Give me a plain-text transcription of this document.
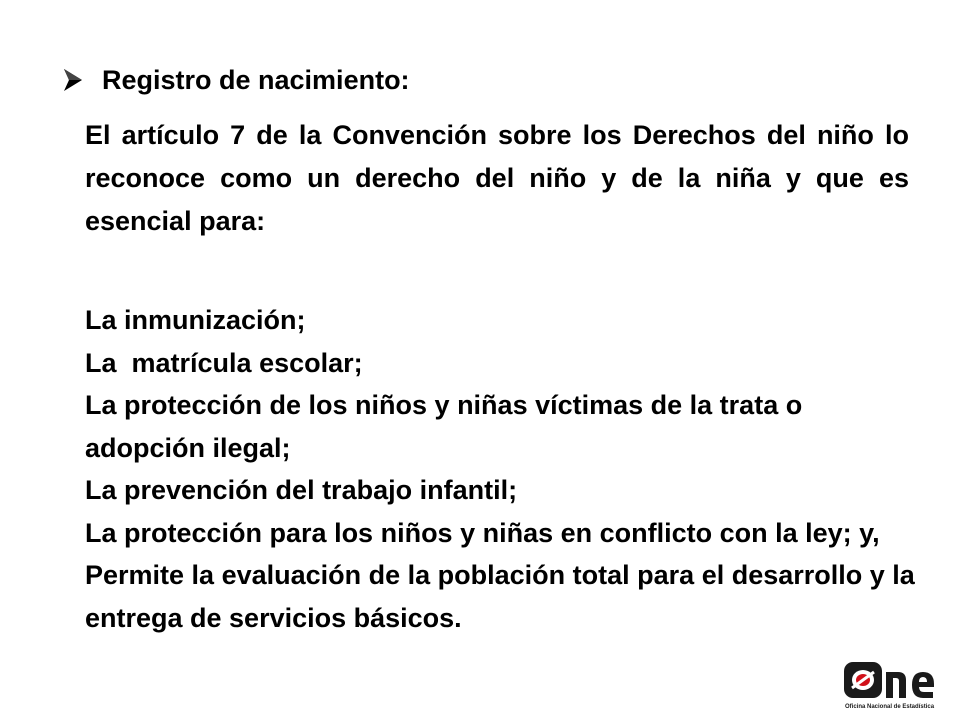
Registro de nacimiento:

El artículo 7 de la Convención sobre los Derechos del niño lo reconoce como un derecho del niño y de la niña y que es esencial para:

La inmunización;
La  matrícula escolar;
La protección de los niños y niñas víctimas de la trata o   adopción ilegal;
La prevención del trabajo infantil;
La protección para los niños y niñas en conflicto con la ley; y,
Permite la evaluación de la población total para el desarrollo y la entrega de servicios básicos.
Oficina Nacional de Estadística
